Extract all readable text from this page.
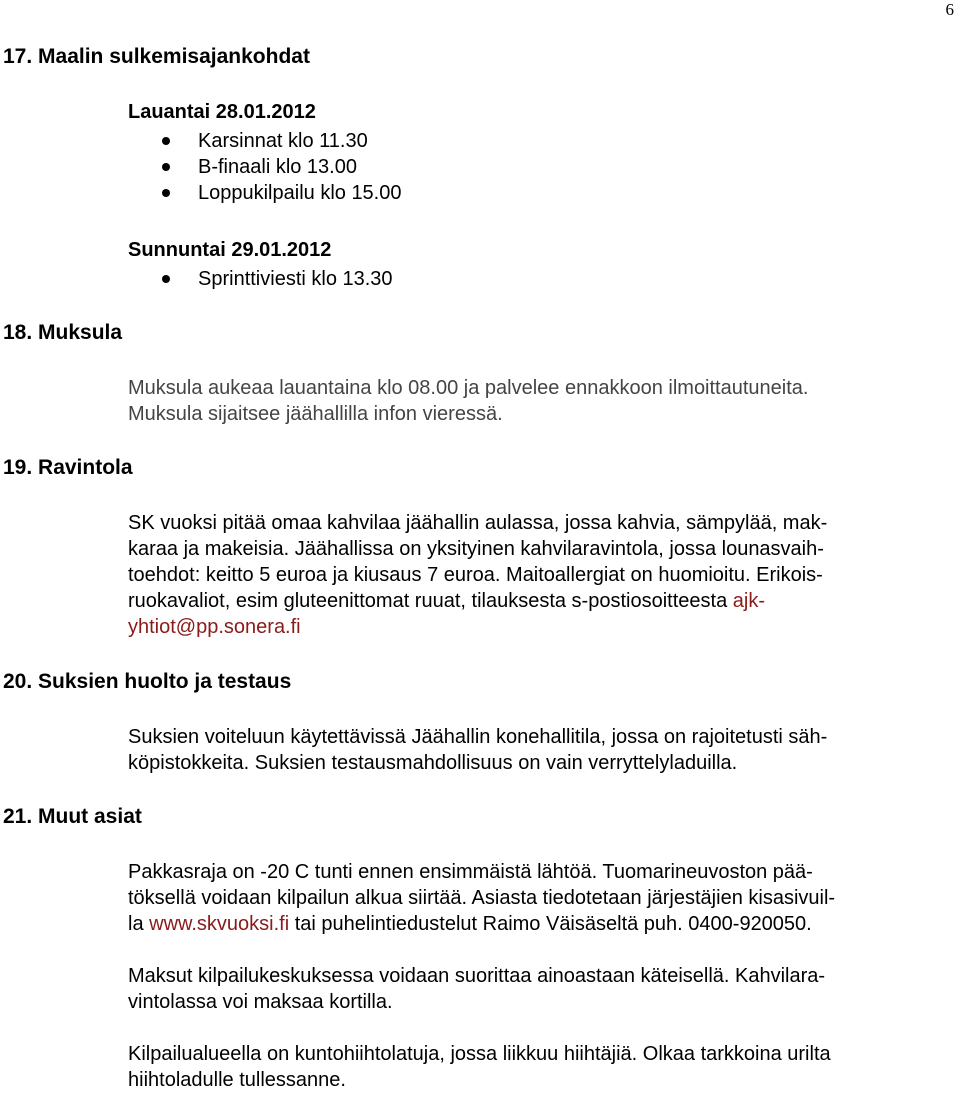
6
17. Maalin sulkemisajankohdat

Lauantai 28.01.2012

Karsinnat klo 11.30
B-finaali klo 13.00
Loppukilpailu klo 15.00

Sunnuntai 29.01.2012

Sprinttiviesti klo 13.30
18. Muksula

Muksula aukeaa lauantaina klo 08.00 ja palvelee ennakkoon ilmoittautuneita.

Muksula sijaitsee jäähallilla infon vieressä.

19. Ravintola

SK vuoksi pitää omaa kahvilaa jäähallin aulassa, jossa kahvia, sämpylää, mak-

karaa ja makeisia. Jäähallissa on yksityinen kahvilaravintola, jossa lounasvaih-

toehdot: keitto 5 euroa ja kiusaus 7 euroa. Maitoallergiat on huomioitu. Erikois-

ruokavaliot, esim gluteenittomat ruuat, tilauksesta s-postiosoitteesta ajk-

yhtiot@pp.sonera.fi

20. Suksien huolto ja testaus

Suksien voiteluun käytettävissä Jäähallin konehallitila, jossa on rajoitetusti säh-

köpistokkeita. Suksien testausmahdollisuus on vain verryttelyladuilla.

21. Muut asiat

Pakkasraja on -20 C tunti ennen ensimmäistä lähtöä. Tuomarineuvoston pää-

töksellä voidaan kilpailun alkua siirtää. Asiasta tiedotetaan järjestäjien kisasivuil-

la www.skvuoksi.fi tai puhelintiedustelut Raimo Väisäseltä puh. 0400-920050.

Maksut kilpailukeskuksessa voidaan suorittaa ainoastaan käteisellä. Kahvilara-

vintolassa voi maksaa kortilla.

Kilpailualueella on kuntohiihtolatuja, jossa liikkuu hiihtäjiä. Olkaa tarkkoina urilta

hiihtoladulle tullessanne.
